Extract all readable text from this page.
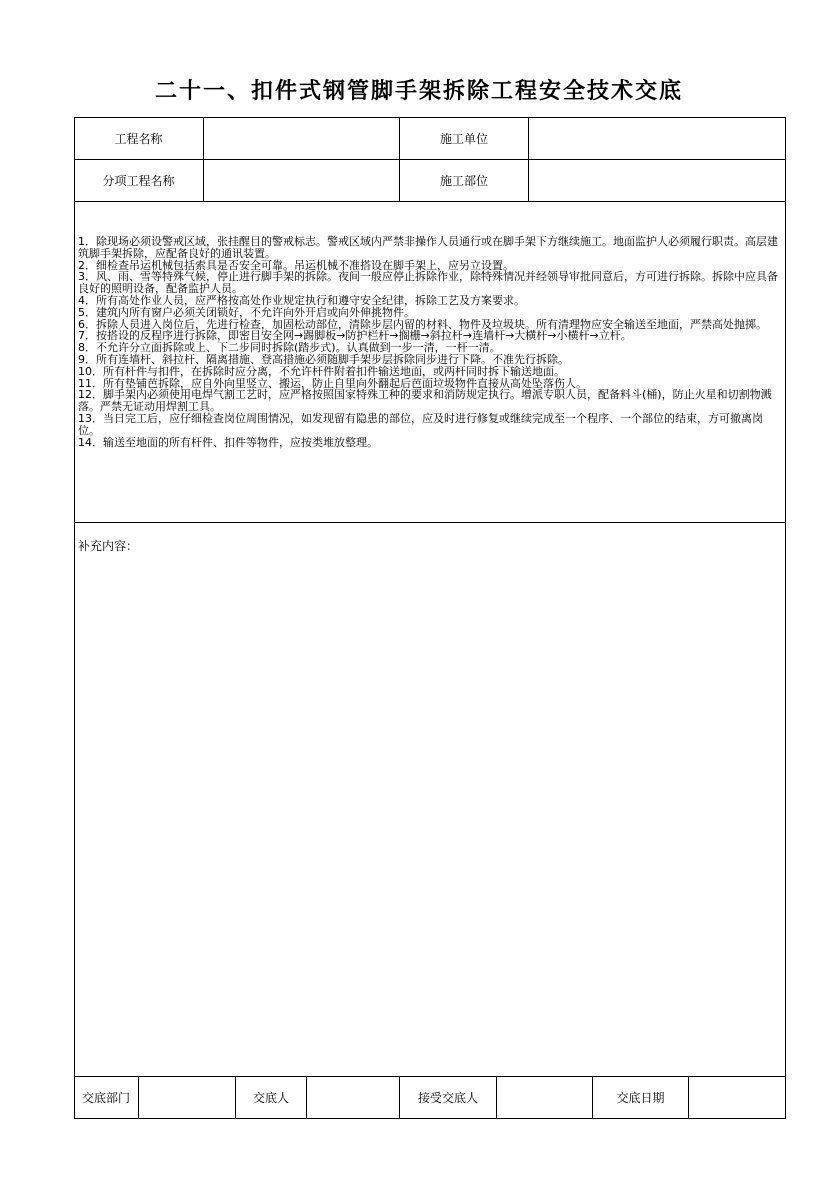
二十一、扣件式钢管脚手架拆除工程安全技术交底
工程名称	施工单位
分项工程名称	施工部位
1．除现场必须设警戒区域，张挂醒目的警戒标志。警戒区域内严禁非操作人员通行或在脚手架下方继续施工。地面监护人必须履行职责。高层建筑脚手架拆除，应配备良好的通讯装置。
2．细检查吊运机械包括索具是否安全可靠。吊运机械不准搭设在脚手架上，应另立设置。
3．风、雨、雪等特殊气候，停止进行脚手架的拆除。夜间一般应停止拆除作业，除特殊情况并经领导审批同意后，方可进行拆除。拆除中应具备良好的照明设备，配备监护人员。
4．所有高处作业人员，应严格按高处作业规定执行和遵守安全纪律，拆除工艺及方案要求。
5．建筑内所有窗户必须关闭锁好，不允许向外开启或向外伸挑物件。
6．拆除人员进入岗位后，先进行检查，加固松动部位，清除步层内留的材料、物件及垃圾块。所有清理物应安全输送至地面，严禁高处抛掷。
7．按搭设的反程序进行拆除，即密目安全网→踢脚板→防护栏杆→搁栅→斜拉杆→连墙杆→大横杆→小横杆→立杆。
8．不允许分立面拆除或上、下二步同时拆除(踏步式)。认真做到一步一清，一杆一清。
9．所有连墙杆、斜拉杆、隔离措施、登高措施必须随脚手架步层拆除同步进行下降。不准先行拆除。
10．所有杆件与扣件，在拆除时应分离，不允许杆件附着扣件输送地面，或两杆同时拆下输送地面。
11．所有垫铺芭拆除，应自外向里竖立、搬运，防止自里向外翻起后芭面垃圾物件直接从高处坠落伤人。
12．脚手架内必须使用电焊气割工艺时，应严格按照国家特殊工种的要求和消防规定执行。增派专职人员，配备料斗(桶)，防止火星和切割物溅落。严禁无证动用焊割工具。
13．当日完工后，应仔细检查岗位周围情况，如发现留有隐患的部位，应及时进行修复或继续完成至一个程序、一个部位的结束，方可撤离岗位。
14．输送至地面的所有杆件、扣件等物件，应按类堆放整理。
补充内容：
交底部门	交底人	接受交底人	交底日期
